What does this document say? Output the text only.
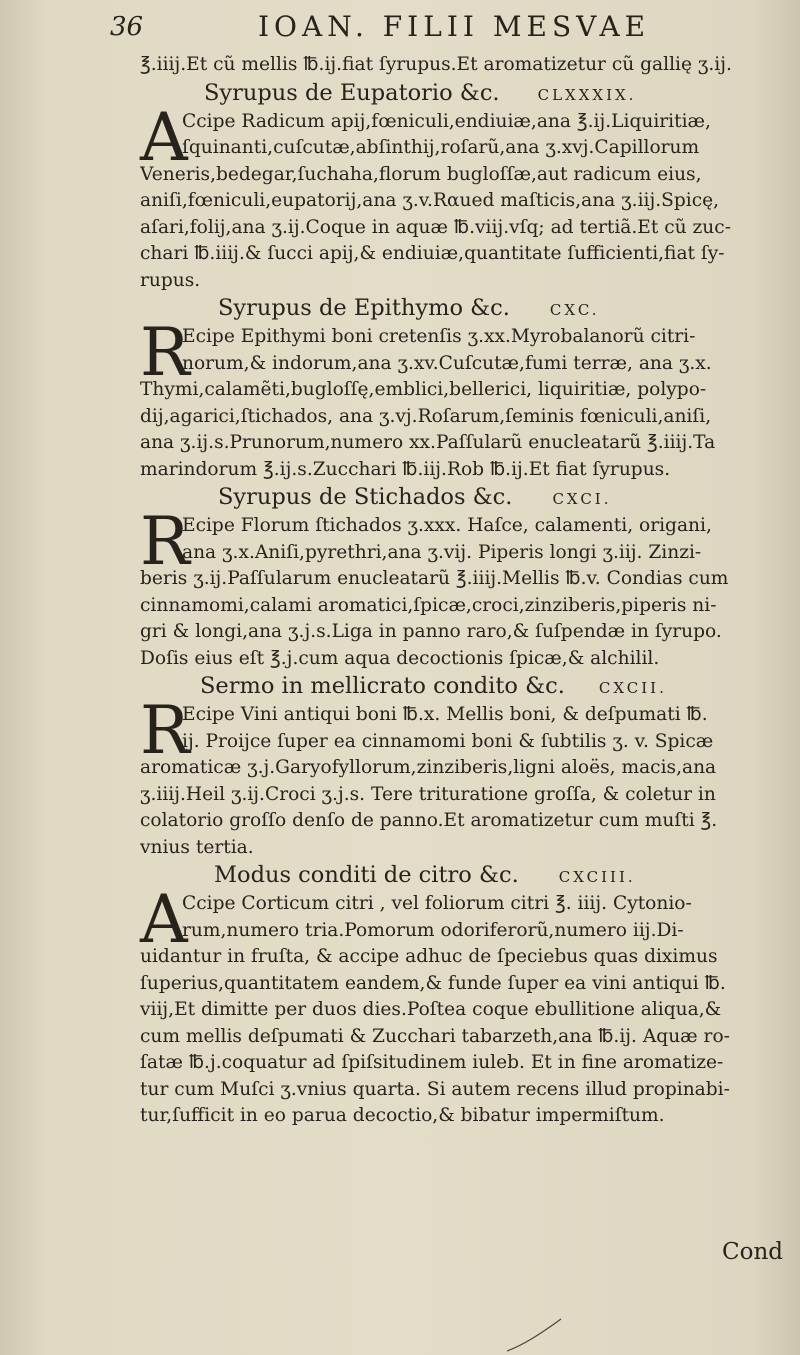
36	IOAN. FILII MESVAE
℥.iiij.Et cũ mellis ℔.ij.fiat ſyrupus.Et aromatizetur cũ gallię ʒ.ij.
Syrupus de Eupatorio &c.	CLXXXIX.
A
Ccipe Radicum apij,fœniculi,endiuiæ,ana ℥.ij.Liquiritiæ,
ſquinanti,cuſcutæ,abſinthij,roſarũ,ana ʒ.xvj.Capillorum
Veneris,bedegar,ſuchaha,florum bugloſſæ,aut radicum eius,
aniſi,fœniculi,eupatorij,ana ʒ.v.Rαued maſticis,ana ʒ.iij.Spicę,
aſari,folij,ana ʒ.ij.Coque in aquæ ℔.viij.vſq; ad tertiã.Et cũ zuc-
chari ℔.iiij.& ſucci apij,& endiuiæ,quantitate ſufficienti,fiat ſy-
rupus.
Syrupus de Epithymo &c.	CXC.
R
Ecipe Epithymi boni cretenſis ʒ.xx.Myrobalanorũ citri-
norum,& indorum,ana ʒ.xv.Cuſcutæ,fumi terræ, ana ʒ.x.
Thymi,calamẽti,bugloſſę,emblici,bellerici, liquiritiæ, polypo-
dij,agarici,ſtichados, ana ʒ.vj.Roſarum,ſeminis fœniculi,aniſi,
ana ʒ.ij.s.Prunorum,numero xx.Paſſularũ enucleatarũ ℥.iiij.Ta
marindorum ℥.ij.s.Zucchari ℔.iij.Rob ℔.ij.Et fiat ſyrupus.
Syrupus de Stichados &c.	CXCI.
R
Ecipe Florum ſtichados ʒ.xxx. Haſce, calamenti, origani,
ana ʒ.x.Aniſi,pyrethri,ana ʒ.vij. Piperis longi ʒ.iij. Zinzi-
beris ʒ.ij.Paſſularum enucleatarũ ℥.iiij.Mellis ℔.v. Condias cum
cinnamomi,calami aromatici,ſpicæ,croci,zinziberis,piperis ni-
gri & longi,ana ʒ.j.s.Liga in panno raro,& ſuſpendæ in ſyrupo.
Doſis eius eſt ℥.j.cum aqua decoctionis ſpicæ,& alchilil.
Sermo in mellicrato condito &c. CXCII.
R
Ecipe Vini antiqui boni ℔.x. Mellis boni, & deſpumati ℔.
ij. Proijce ſuper ea cinnamomi boni & ſubtilis ʒ. v. Spicæ
aromaticæ ʒ.j.Garyofyllorum,zinziberis,ligni aloës, macis,ana
ʒ.iiij.Heil ʒ.ij.Croci ʒ.j.s. Tere trituratione groſſa, & coletur in
colatorio groſſo denſo de panno.Et aromatizetur cum muſti ℥.
vnius tertia.
Modus conditi de citro &c.	CXCIII.
A
Ccipe Corticum citri , vel foliorum citri ℥. iiij. Cytonio-
rum,numero tria.Pomorum odoriferorũ,numero iij.Di-
uidantur in fruſta, & accipe adhuc de ſpeciebus quas diximus
ſuperius,quantitatem eandem,& funde ſuper ea vini antiqui ℔.
viij,Et dimitte per duos dies.Poſtea coque ebullitione aliqua,&
cum mellis deſpumati & Zucchari tabarzeth,ana ℔.ij. Aquæ ro-
ſatæ ℔.j.coquatur ad ſpiſsitudinem iuleb. Et in fine aromatize-
tur cum Muſci ʒ.vnius quarta. Si autem recens illud propinabi-
tur,ſufficit in eo parua decoctio,& bibatur impermiſtum.
Cond
